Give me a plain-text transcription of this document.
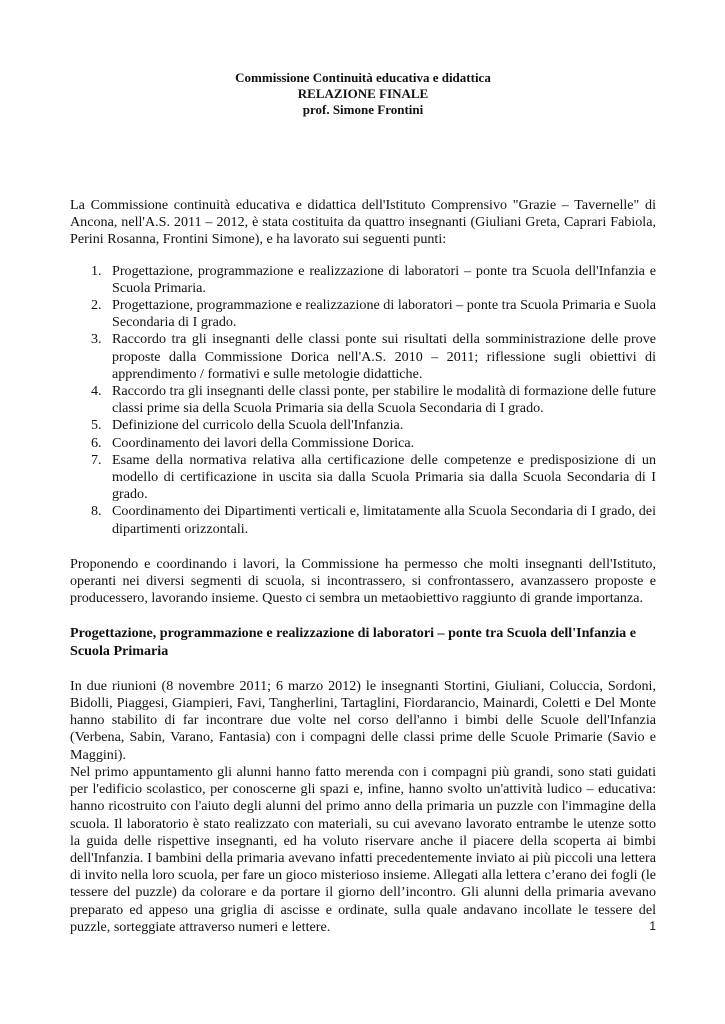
Commissione Continuità educativa e didattica
RELAZIONE FINALE
prof. Simone Frontini

La Commissione continuità educativa e didattica dell'Istituto Comprensivo "Grazie – Tavernelle" di Ancona, nell'A.S. 2011 – 2012, è stata costituita da quattro insegnanti (Giuliani Greta, Caprari Fabiola, Perini Rosanna, Frontini Simone), e ha lavorato sui seguenti punti:

1. Progettazione, programmazione e realizzazione di laboratori – ponte tra Scuola dell'Infanzia e Scuola Primaria.
2. Progettazione, programmazione e realizzazione di laboratori – ponte tra Scuola Primaria e Suola Secondaria di I grado.
3. Raccordo tra gli insegnanti delle classi ponte sui risultati della somministrazione delle prove proposte dalla Commissione Dorica nell'A.S. 2010 – 2011; riflessione sugli obiettivi di apprendimento / formativi e sulle metologie didattiche.
4. Raccordo tra gli insegnanti delle classi ponte, per stabilire le modalità di formazione delle future classi prime sia della Scuola Primaria sia della Scuola Secondaria di I grado.
5. Definizione del curricolo della Scuola dell'Infanzia.
6. Coordinamento dei lavori della Commissione Dorica.
7. Esame della normativa relativa alla certificazione delle competenze e predisposizione di un modello di certificazione in uscita sia dalla Scuola Primaria sia dalla Scuola Secondaria di I grado.
8. Coordinamento dei Dipartimenti verticali e, limitatamente alla Scuola Secondaria di I grado, dei dipartimenti orizzontali.

Proponendo e coordinando i lavori, la Commissione ha permesso che molti insegnanti dell'Istituto, operanti nei diversi segmenti di scuola, si incontrassero, si confrontassero, avanzassero proposte e producessero, lavorando insieme. Questo ci sembra un metaobiettivo raggiunto di grande importanza.

Progettazione, programmazione e realizzazione di laboratori – ponte tra Scuola dell'Infanzia e Scuola Primaria

In due riunioni (8 novembre 2011; 6 marzo 2012) le insegnanti Stortini, Giuliani, Coluccia, Sordoni, Bidolli, Piaggesi, Giampieri, Favi, Tangherlini, Tartaglini, Fiordarancio, Mainardi, Coletti e Del Monte hanno stabilito di far incontrare due volte nel corso dell'anno i bimbi delle Scuole dell'Infanzia (Verbena, Sabin, Varano, Fantasia) con i compagni delle classi prime delle Scuole Primarie (Savio e Maggini).

Nel primo appuntamento gli alunni hanno fatto merenda con i compagni più grandi, sono stati guidati per l'edificio scolastico, per conoscerne gli spazi e, infine, hanno svolto un'attività ludico – educativa: hanno ricostruito con l'aiuto degli alunni del primo anno della primaria un puzzle con l'immagine della scuola. Il laboratorio è stato realizzato con materiali, su cui avevano lavorato entrambe le utenze sotto la guida delle rispettive insegnanti, ed ha voluto riservare anche il piacere della scoperta ai bimbi dell'Infanzia. I bambini della primaria avevano infatti precedentemente inviato ai più piccoli una lettera di invito nella loro scuola, per fare un gioco misterioso insieme. Allegati alla lettera c’erano dei fogli (le tessere del puzzle) da colorare e da portare il giorno dell’incontro. Gli alunni della primaria avevano preparato ed appeso una griglia di ascisse e ordinate, sulla quale andavano incollate le tessere del puzzle, sorteggiate attraverso numeri e lettere.	1
